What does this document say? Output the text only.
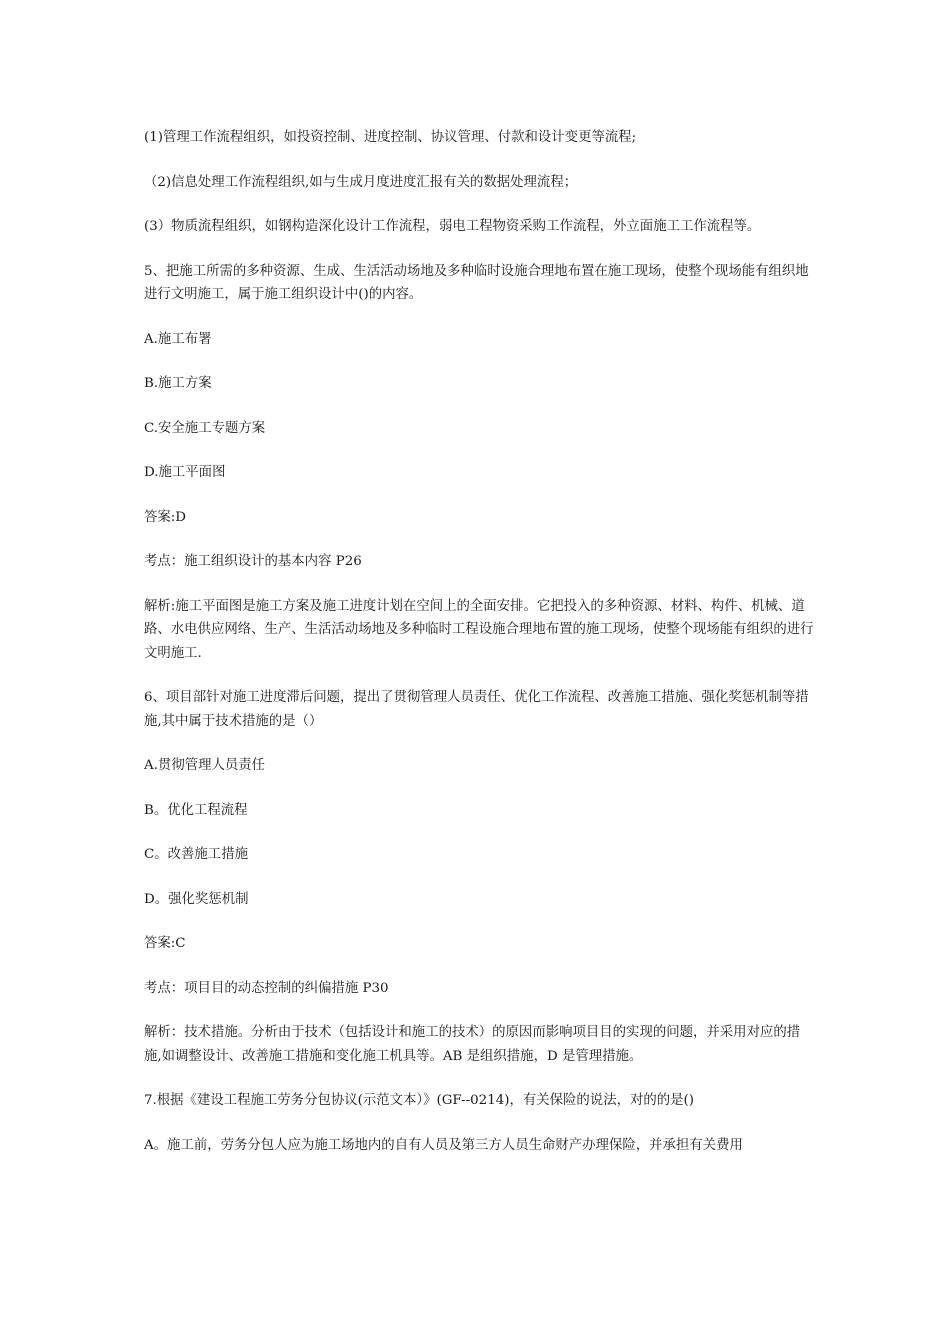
(1)管理工作流程组织，如投资控制、进度控制、协议管理、付款和设计变更等流程;

（2)信息处理工作流程组织,如与生成月度进度汇报有关的数据处理流程；

(3）物质流程组织，如钢构造深化设计工作流程，弱电工程物资采购工作流程，外立面施工工作流程等。

5、把施工所需的多种资源、生成、生活活动场地及多种临时设施合理地布置在施工现场，使整个现场能有组织地进行文明施工，属于施工组织设计中()的内容。

A.施工布署

B.施工方案

C.安全施工专题方案

D.施工平面图

答案:D

考点：施工组织设计的基本内容 P26

解析:施工平面图是施工方案及施工进度计划在空间上的全面安排。它把投入的多种资源、材料、构件、机械、道路、水电供应网络、生产、生活活动场地及多种临时工程设施合理地布置的施工现场，使整个现场能有组织的进行文明施工.

6、项目部针对施工进度滞后问题，提出了贯彻管理人员责任、优化工作流程、改善施工措施、强化奖惩机制等措施,其中属于技术措施的是（）

A.贯彻管理人员责任

B。优化工程流程

C。改善施工措施

D。强化奖惩机制

答案:C

考点：项目目的动态控制的纠偏措施 P30

解析：技术措施。分析由于技术（包括设计和施工的技术）的原因而影响项目目的实现的问题，并采用对应的措施,如调整设计、改善施工措施和变化施工机具等。AB 是组织措施，D 是管理措施。

7.根据《建设工程施工劳务分包协议(示范文本）》(GF--0214)，有关保险的说法，对的的是()

A。施工前，劳务分包人应为施工场地内的自有人员及第三方人员生命财产办理保险，并承担有关费用
